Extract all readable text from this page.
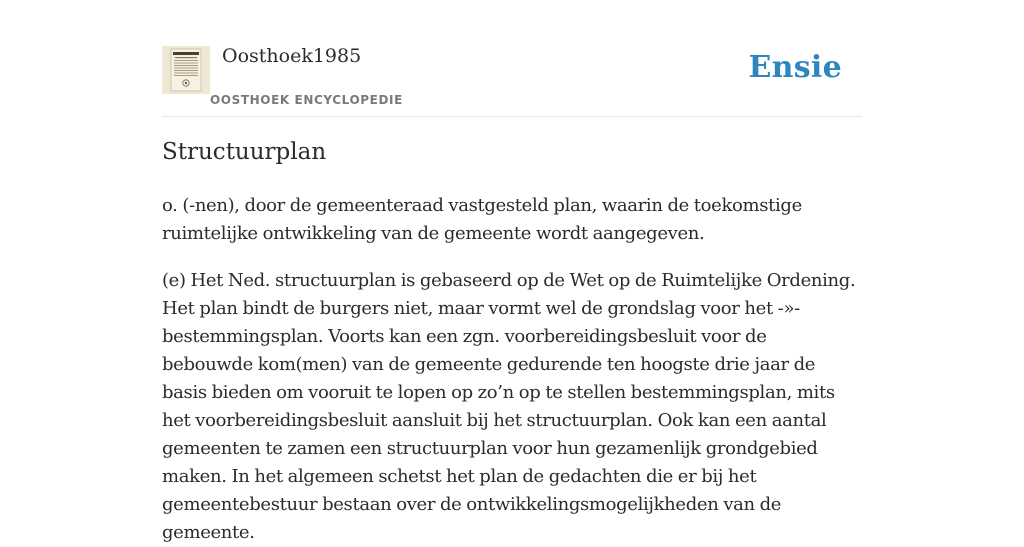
Oosthoek1985
OOSTHOEK ENCYCLOPEDIE
Ensie
Structuurplan

o. (-nen), door de gemeenteraad vastgesteld plan, waarin de toekomstige ruimtelijke ontwikkeling van de gemeente wordt aangegeven.

(e) Het Ned. structuurplan is gebaseerd op de Wet op de Ruimtelijke Ordening. Het plan bindt de burgers niet, maar vormt wel de grondslag voor het -»-bestemmingsplan. Voorts kan een zgn. voorbereidingsbesluit voor de bebouwde kom(men) van de gemeente gedurende ten hoogste drie jaar de basis bieden om vooruit te lopen op zo’n op te stellen bestemmingsplan, mits het voorbereidingsbesluit aansluit bij het structuurplan. Ook kan een aantal gemeenten te zamen een structuurplan voor hun gezamenlijk grondgebied maken. In het algemeen schetst het plan de gedachten die er bij het gemeentebestuur bestaan over de ontwikkelingsmogelijkheden van de gemeente.
